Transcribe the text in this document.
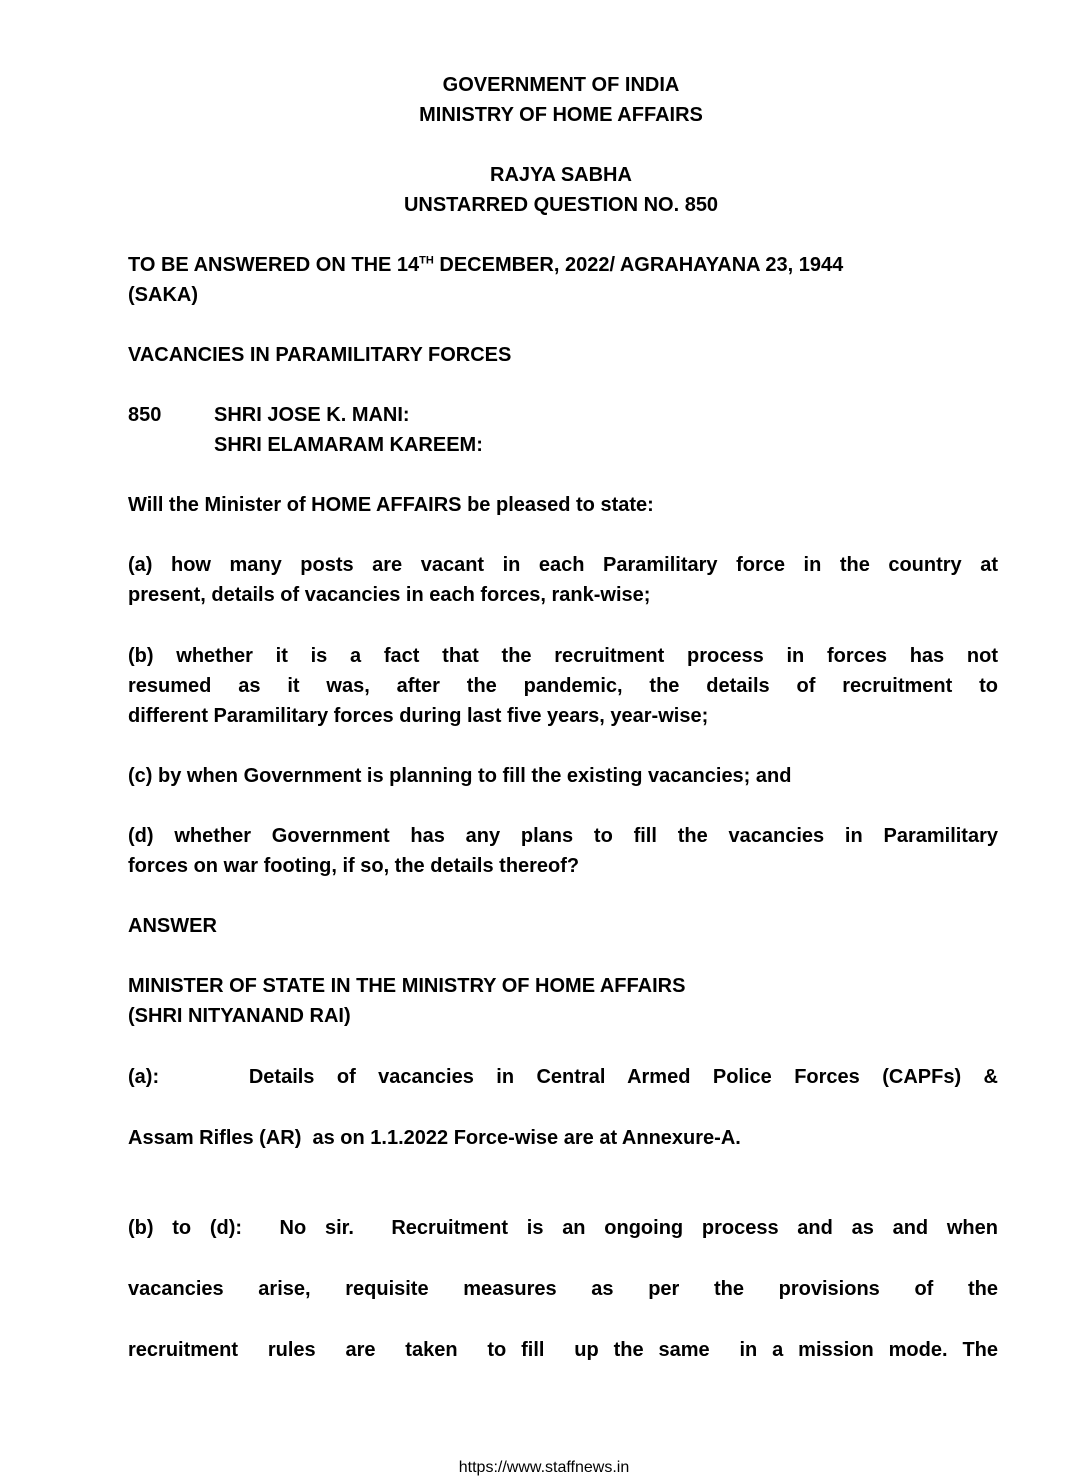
GOVERNMENT OF INDIA
MINISTRY OF HOME AFFAIRS
RAJYA SABHA
UNSTARRED QUESTION NO. 850
TO BE ANSWERED ON THE 14TH DECEMBER, 2022/ AGRAHAYANA 23, 1944
(SAKA)
VACANCIES IN PARAMILITARY FORCES
850	SHRI JOSE K. MANI:
SHRI ELAMARAM KAREEM:
Will the Minister of HOME AFFAIRS be pleased to state:
(a) how many posts are vacant in each Paramilitary force in the country at
present, details of vacancies in each forces, rank-wise;
(b) whether it is a fact that the recruitment process in forces has not
resumed as it was, after the pandemic, the details of recruitment to
different Paramilitary forces during last five years, year-wise;
(c) by when Government is planning to fill the existing vacancies; and
(d) whether Government has any plans to fill the vacancies in Paramilitary
forces on war footing, if so, the details thereof?
ANSWER
MINISTER OF STATE IN THE MINISTRY OF HOME AFFAIRS
(SHRI NITYANAND RAI)
(a):    Details of vacancies in Central Armed Police Forces (CAPFs) &
Assam Rifles (AR)  as on 1.1.2022 Force-wise are at Annexure-A.
(b) to (d):  No sir.  Recruitment is an ongoing process and as and when
vacancies arise, requisite measures as per the provisions of the
recruitment  rules  are  taken  to fill  up the same  in a mission mode. The
https://www.staffnews.in
